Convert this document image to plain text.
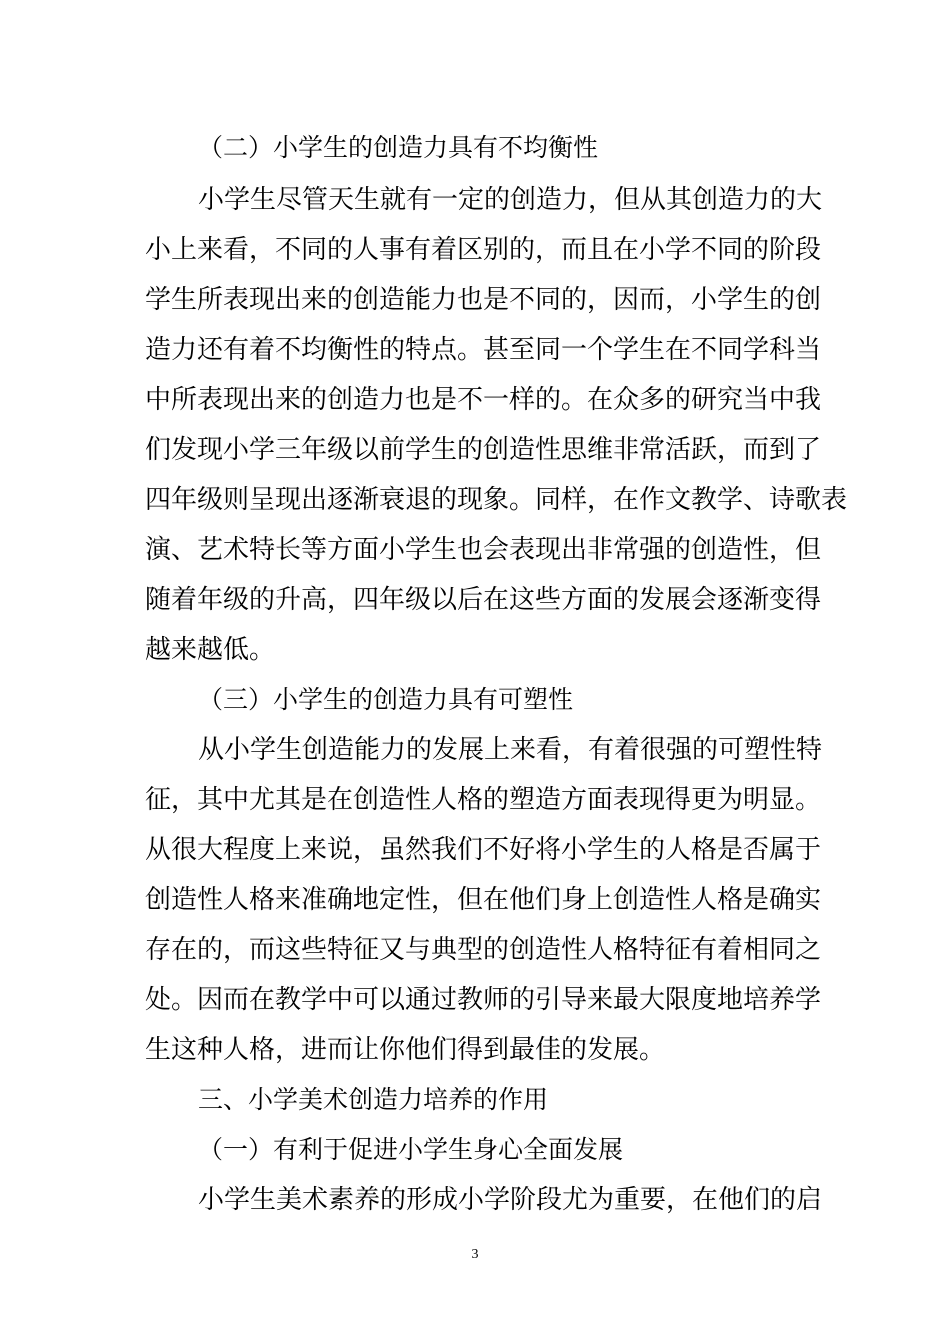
（二）小学生的创造力具有不均衡性
小学生尽管天生就有一定的创造力，但从其创造力的大
小上来看，不同的人事有着区别的，而且在小学不同的阶段
学生所表现出来的创造能力也是不同的，因而，小学生的创
造力还有着不均衡性的特点。甚至同一个学生在不同学科当
中所表现出来的创造力也是不一样的。在众多的研究当中我
们发现小学三年级以前学生的创造性思维非常活跃，而到了
四年级则呈现出逐渐衰退的现象。同样，在作文教学、诗歌表
演、艺术特长等方面小学生也会表现出非常强的创造性，但
随着年级的升高，四年级以后在这些方面的发展会逐渐变得
越来越低。
（三）小学生的创造力具有可塑性
从小学生创造能力的发展上来看，有着很强的可塑性特
征，其中尤其是在创造性人格的塑造方面表现得更为明显。
从很大程度上来说，虽然我们不好将小学生的人格是否属于
创造性人格来准确地定性，但在他们身上创造性人格是确实
存在的，而这些特征又与典型的创造性人格特征有着相同之
处。因而在教学中可以通过教师的引导来最大限度地培养学
生这种人格，进而让你他们得到最佳的发展。
三、小学美术创造力培养的作用
（一）有利于促进小学生身心全面发展
小学生美术素养的形成小学阶段尤为重要，在他们的启
3
